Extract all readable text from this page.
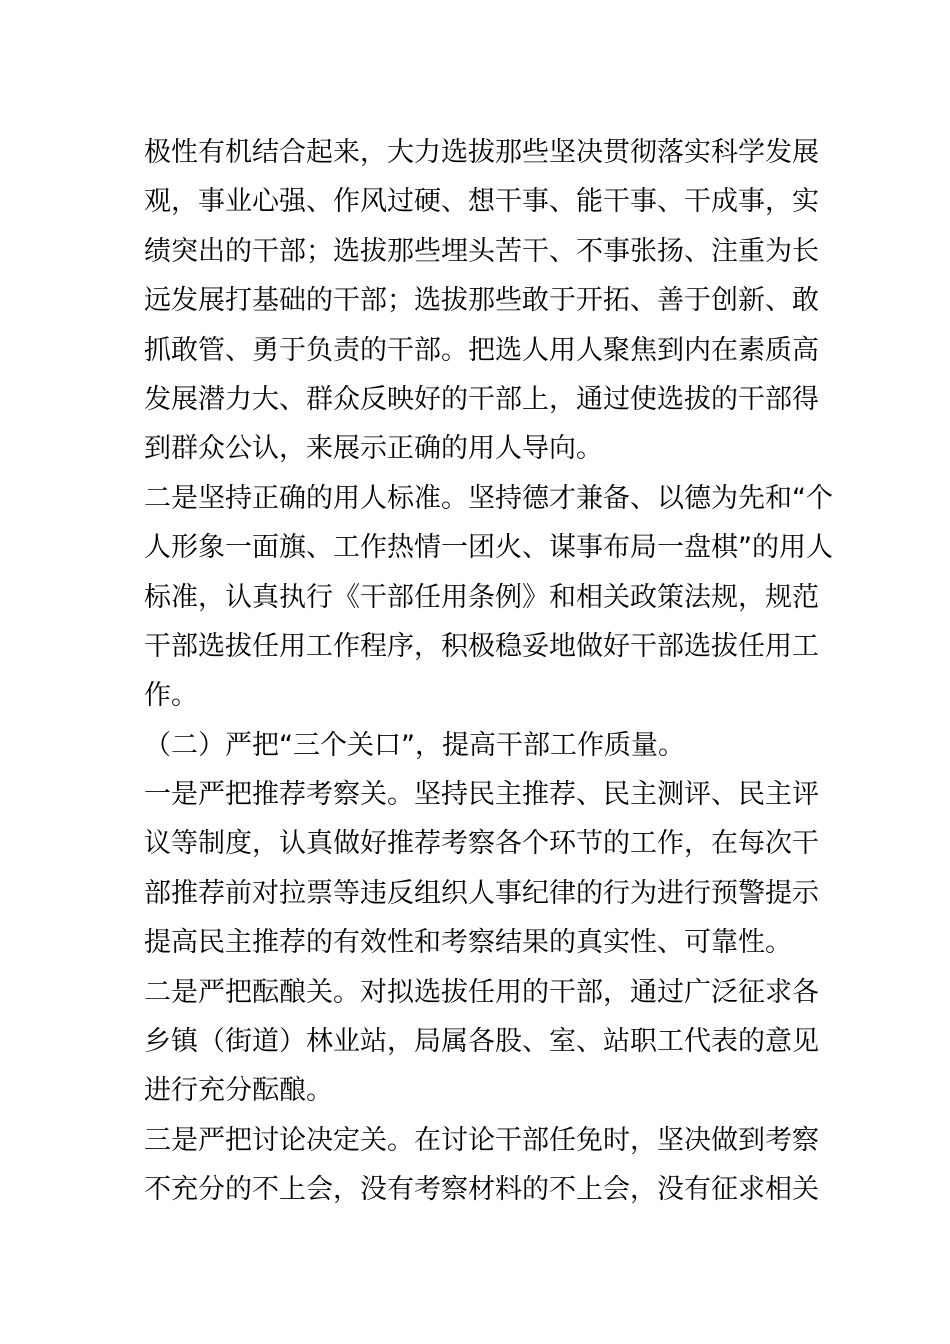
极性有机结合起来，大力选拔那些坚决贯彻落实科学发展
观，事业心强、作风过硬、想干事、能干事、干成事，实
绩突出的干部；选拔那些埋头苦干、不事张扬、注重为长
远发展打基础的干部；选拔那些敢于开拓、善于创新、敢
抓敢管、勇于负责的干部。把选人用人聚焦到内在素质高
发展潜力大、群众反映好的干部上，通过使选拔的干部得
到群众公认，来展示正确的用人导向。
二是坚持正确的用人标准。坚持德才兼备、以德为先和“个
人形象一面旗、工作热情一团火、谋事布局一盘棋”的用人
标准，认真执行《干部任用条例》和相关政策法规，规范
干部选拔任用工作程序，积极稳妥地做好干部选拔任用工
作。
（二）严把“三个关口”，提高干部工作质量。
一是严把推荐考察关。坚持民主推荐、民主测评、民主评
议等制度，认真做好推荐考察各个环节的工作，在每次干
部推荐前对拉票等违反组织人事纪律的行为进行预警提示
提高民主推荐的有效性和考察结果的真实性、可靠性。
二是严把酝酿关。对拟选拔任用的干部，通过广泛征求各
乡镇（街道）林业站，局属各股、室、站职工代表的意见
进行充分酝酿。
三是严把讨论决定关。在讨论干部任免时，坚决做到考察
不充分的不上会，没有考察材料的不上会，没有征求相关
